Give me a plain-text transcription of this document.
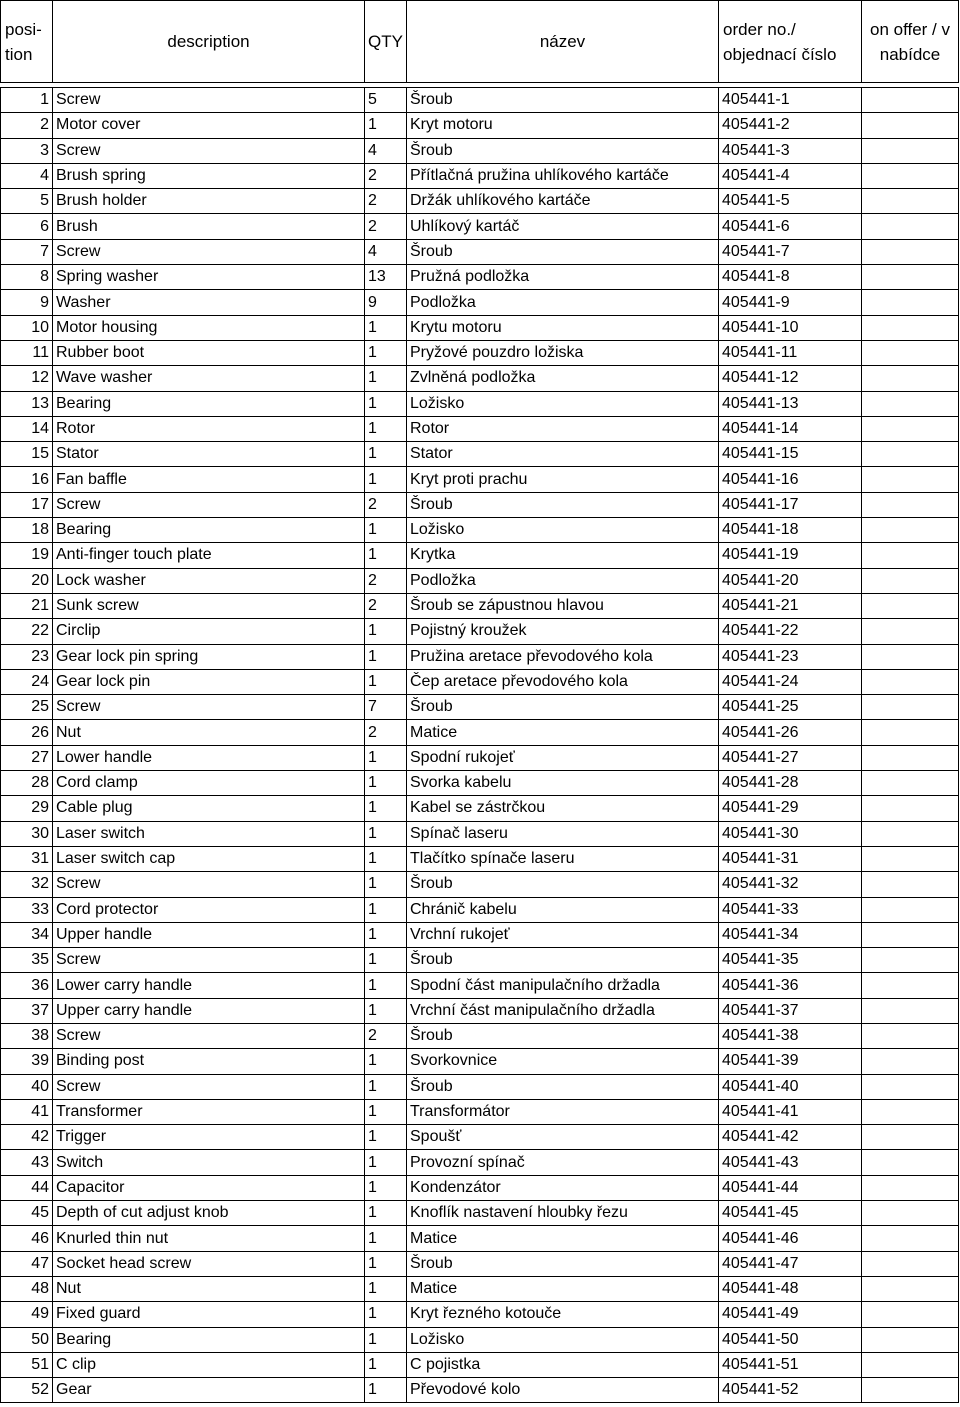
posi-
tion	description	QTY	název	order no./
objednací číslo	on offer / v
nabídce

1	Screw	5	Šroub	405441-1	
2	Motor cover	1	Kryt motoru	405441-2	
3	Screw	4	Šroub	405441-3	
4	Brush spring	2	Přítlačná pružina uhlíkového kartáče	405441-4	
5	Brush holder	2	Držák uhlíkového kartáče	405441-5	
6	Brush	2	Uhlíkový kartáč	405441-6	
7	Screw	4	Šroub	405441-7	
8	Spring washer	13	Pružná podložka	405441-8	
9	Washer	9	Podložka	405441-9	
10	Motor housing	1	Krytu motoru	405441-10	
11	Rubber boot	1	Pryžové pouzdro ložiska	405441-11	
12	Wave washer	1	Zvlněná podložka	405441-12	
13	Bearing	1	Ložisko	405441-13	
14	Rotor	1	Rotor	405441-14	
15	Stator	1	Stator	405441-15	
16	Fan baffle	1	Kryt proti prachu	405441-16	
17	Screw	2	Šroub	405441-17	
18	Bearing	1	Ložisko	405441-18	
19	Anti-finger touch plate	1	Krytka	405441-19	
20	Lock washer	2	Podložka	405441-20	
21	Sunk screw	2	Šroub se zápustnou hlavou	405441-21	
22	Circlip	1	Pojistný kroužek	405441-22	
23	Gear lock pin spring	1	Pružina aretace převodového kola	405441-23	
24	Gear lock pin	1	Čep aretace převodového kola	405441-24	
25	Screw	7	Šroub	405441-25	
26	Nut	2	Matice	405441-26	
27	Lower handle	1	Spodní rukojeť	405441-27	
28	Cord clamp	1	Svorka kabelu	405441-28	
29	Cable plug	1	Kabel se zástrčkou	405441-29	
30	Laser switch	1	Spínač laseru	405441-30	
31	Laser switch cap	1	Tlačítko spínače laseru	405441-31	
32	Screw	1	Šroub	405441-32	
33	Cord protector	1	Chránič kabelu	405441-33	
34	Upper handle	1	Vrchní rukojeť	405441-34	
35	Screw	1	Šroub	405441-35	
36	Lower carry handle	1	Spodní část manipulačního držadla	405441-36	
37	Upper carry handle	1	Vrchní část manipulačního držadla	405441-37	
38	Screw	2	Šroub	405441-38	
39	Binding post	1	Svorkovnice	405441-39	
40	Screw	1	Šroub	405441-40	
41	Transformer	1	Transformátor	405441-41	
42	Trigger	1	Spoušť	405441-42	
43	Switch	1	Provozní spínač	405441-43	
44	Capacitor	1	Kondenzátor	405441-44	
45	Depth of cut adjust knob	1	Knoflík nastavení hloubky řezu	405441-45	
46	Knurled thin nut	1	Matice	405441-46	
47	Socket head screw	1	Šroub	405441-47	
48	Nut	1	Matice	405441-48	
49	Fixed guard	1	Kryt řezného kotouče	405441-49	
50	Bearing	1	Ložisko	405441-50	
51	C clip	1	C pojistka	405441-51	
52	Gear	1	Převodové kolo	405441-52	
